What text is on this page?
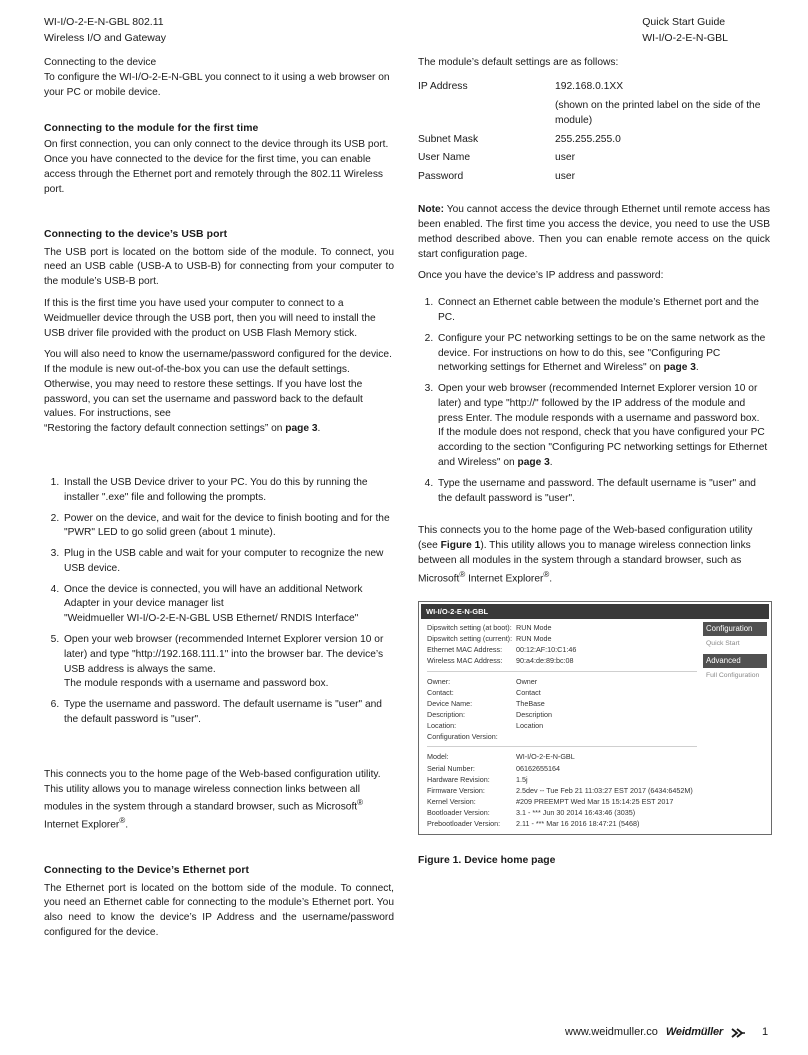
WI-I/O-2-E-N-GBL 802.11
Wireless I/O and Gateway
Quick Start Guide
WI-I/O-2-E-N-GBL

Connecting to the device
To configure the WI-I/O-2-E-N-GBL you connect to it using a web browser on your PC or mobile device.

Connecting to the module for the first time

On first connection, you can only connect to the device through its USB port. Once you have connected to the device for the first time, you can enable access through the Ethernet port and remotely through the 802.11 Wireless port.

Connecting to the device’s USB port

The USB port is located on the bottom side of the module. To connect, you need an USB cable (USB-A to USB-B) for connecting from your computer to the module’s USB-B port.

If this is the first time you have used your computer to connect to a Weidmueller device through the USB port, then you will need to install the USB driver file provided with the product on USB Flash Memory stick.

You will also need to know the username/password configured for the device. If the module is new out-of-the-box you can use the default settings. Otherwise, you may need to restore these settings. If you have lost the password, you can set the username and password back to the default values. For instructions, see
“Restoring the factory default connection settings” on page 3.

1. Install the USB Device driver to your PC. You do this by running the installer ".exe" file and following the prompts.
2. Power on the device, and wait for the device to finish booting and for the
"PWR" LED to go solid green (about 1 minute).
3. Plug in the USB cable and wait for your computer to recognize the new USB device.
4. Once the device is connected, you will have an additional Network Adapter in your device manager list
"Weidmueller WI-I/O-2-E-N-GBL USB Ethernet/ RNDIS Interface"
5. Open your web browser (recommended Internet Explorer version 10 or later) and type "http://192.168.111.1" into the browser bar. The device’s USB address is always the same.
The module responds with a username and password box.
6. Type the username and password. The default username is "user" and the default password is "user".

This connects you to the home page of the Web-based configuration utility. This utility allows you to manage wireless connection links between all modules in the system through a standard browser, such as Microsoft® Internet Explorer®.

Connecting to the Device’s Ethernet port

The Ethernet port is located on the bottom side of the module. To connect, you need an Ethernet cable for connecting to the module’s Ethernet port. You also need to know the device’s IP Address and the username/password configured for the device.

The module’s default settings are as follows:

IP Address	192.168.0.1XX
(shown on the printed label on the side of the module)

Subnet Mask	255.255.255.0
User Name	user
Password	user

Note: You cannot access the device through Ethernet until remote access has been enabled. The first time you access the device, you need to use the USB method described above. Then you can enable remote access on the quick start configuration page.

Once you have the device’s IP address and password:

1. Connect an Ethernet cable between the module’s Ethernet port and the PC.
2. Configure your PC networking settings to be on the same network as the device. For instructions on how to do this, see "Configuring PC networking settings for Ethernet and Wireless" on page 3.
3. Open your web browser (recommended Internet Explorer version 10 or later) and type "http://" followed by the IP address of the module and press Enter. The module responds with a username and password box.
If the module does not respond, check that you have configured your PC according to the section "Configuring PC networking settings for Ethernet and Wireless" on page 3.
4. Type the username and password. The default username is "user" and the default password is "user".

This connects you to the home page of the Web-based configuration utility (see Figure 1). This utility allows you to manage wireless connection links between all modules in the system through a standard browser, such as Microsoft® Internet Explorer®.

WI-I/O-2-E-N-GBL
Dipswitch setting (at boot): RUN Mode
Dipswitch setting (current): RUN Mode
Ethernet MAC Address:	00:12:AF:10:C1:46
Wireless MAC Address:	90:a4:de:89:bc:08
Owner:	Owner
Contact:	Contact
Device Name:	TheBase
Description:	Description
Location:	Location
Configuration Version:
Model:	WI-I/O-2-E-N-GBL
Serial Number:	06162655164
Hardware Revision:	1.5j
Firmware Version:	2.5dev -- Tue Feb 21 11:03:27 EST 2017 (6434:6452M)
Kernel Version:	#209 PREEMPT Wed Mar 15 15:14:25 EST 2017
Bootloader Version:	3.1 - *** Jun 30 2014 16:43:46 (3035)
Prebootloader Version:	2.11 - *** Mar 16 2016 18:47:21 (5468)
Configuration
Quick Start
Advanced
Full Configuration
Figure 1. Device home page
www.weidmuller.co Weidmüller	1
